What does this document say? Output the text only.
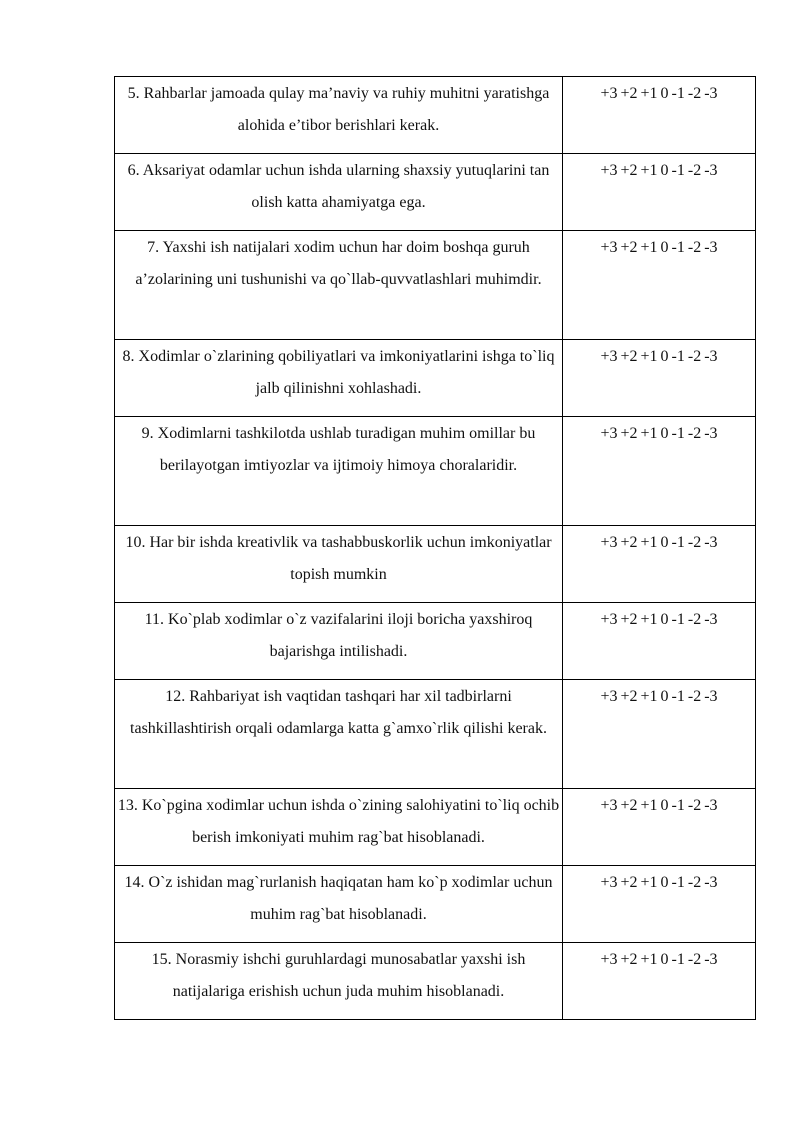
5. Rahbarlar jamoada qulay ma’naviy va ruhiy muhitni yaratishga alohida e’tibor berishlari kerak.	+3 +2 +1 0 -1 -2 -3
6. Aksariyat odamlar uchun ishda ularning shaxsiy yutuqlarini tan olish katta ahamiyatga ega.	+3 +2 +1 0 -1 -2 -3
7. Yaxshi ish natijalari xodim uchun har doim boshqa guruh a’zolarining uni tushunishi va qo`llab-quvvatlashlari muhimdir.	+3 +2 +1 0 -1 -2 -3
8. Xodimlar o`zlarining qobiliyatlari va imkoniyatlarini ishga to`liq jalb qilinishni xohlashadi.	+3 +2 +1 0 -1 -2 -3
9. Xodimlarni tashkilotda ushlab turadigan muhim omillar bu berilayotgan imtiyozlar va ijtimoiy himoya choralaridir.	+3 +2 +1 0 -1 -2 -3
10. Har bir ishda kreativlik va tashabbuskorlik uchun imkoniyatlar topish mumkin	+3 +2 +1 0 -1 -2 -3
11. Ko`plab xodimlar o`z vazifalarini iloji boricha yaxshiroq bajarishga intilishadi.	+3 +2 +1 0 -1 -2 -3
12. Rahbariyat ish vaqtidan tashqari har xil tadbirlarni tashkillashtirish orqali odamlarga katta g`amxo`rlik qilishi kerak.	+3 +2 +1 0 -1 -2 -3
13. Ko`pgina xodimlar uchun ishda o`zining salohiyatini to`liq ochib berish imkoniyati muhim rag`bat hisoblanadi.	+3 +2 +1 0 -1 -2 -3
14. O`z ishidan mag`rurlanish haqiqatan ham ko`p xodimlar uchun muhim rag`bat hisoblanadi.	+3 +2 +1 0 -1 -2 -3
15. Norasmiy ishchi guruhlardagi munosabatlar yaxshi ish natijalariga erishish uchun juda muhim hisoblanadi.	+3 +2 +1 0 -1 -2 -3
